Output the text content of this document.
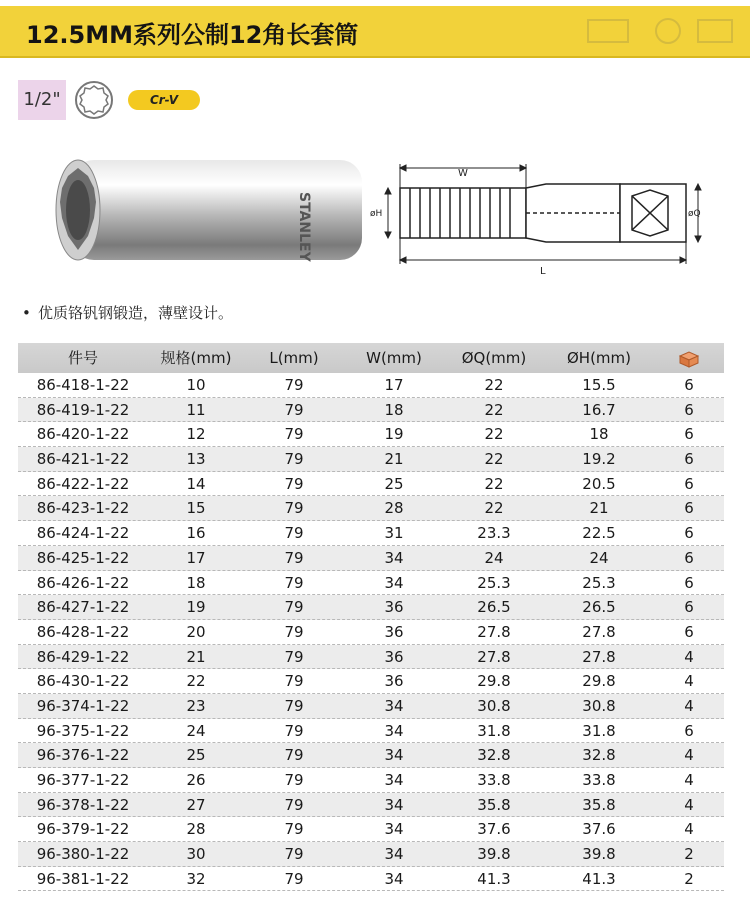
12.5MM系列公制12角长套筒
1/2"	Cr-V
STANLEY
W
L
øH	øQ
• 优质铬钒钢锻造，薄壁设计。
件号	规格(mm)	L(mm)	W(mm)	ØQ(mm)	ØH(mm)
86-418-1-22	10	79	17	22	15.5	6
86-419-1-22	11	79	18	22	16.7	6
86-420-1-22	12	79	19	22	18	6
86-421-1-22	13	79	21	22	19.2	6
86-422-1-22	14	79	25	22	20.5	6
86-423-1-22	15	79	28	22	21	6
86-424-1-22	16	79	31	23.3	22.5	6
86-425-1-22	17	79	34	24	24	6
86-426-1-22	18	79	34	25.3	25.3	6
86-427-1-22	19	79	36	26.5	26.5	6
86-428-1-22	20	79	36	27.8	27.8	6
86-429-1-22	21	79	36	27.8	27.8	4
86-430-1-22	22	79	36	29.8	29.8	4
96-374-1-22	23	79	34	30.8	30.8	4
96-375-1-22	24	79	34	31.8	31.8	6
96-376-1-22	25	79	34	32.8	32.8	4
96-377-1-22	26	79	34	33.8	33.8	4
96-378-1-22	27	79	34	35.8	35.8	4
96-379-1-22	28	79	34	37.6	37.6	4
96-380-1-22	30	79	34	39.8	39.8	2
96-381-1-22	32	79	34	41.3	41.3	2
